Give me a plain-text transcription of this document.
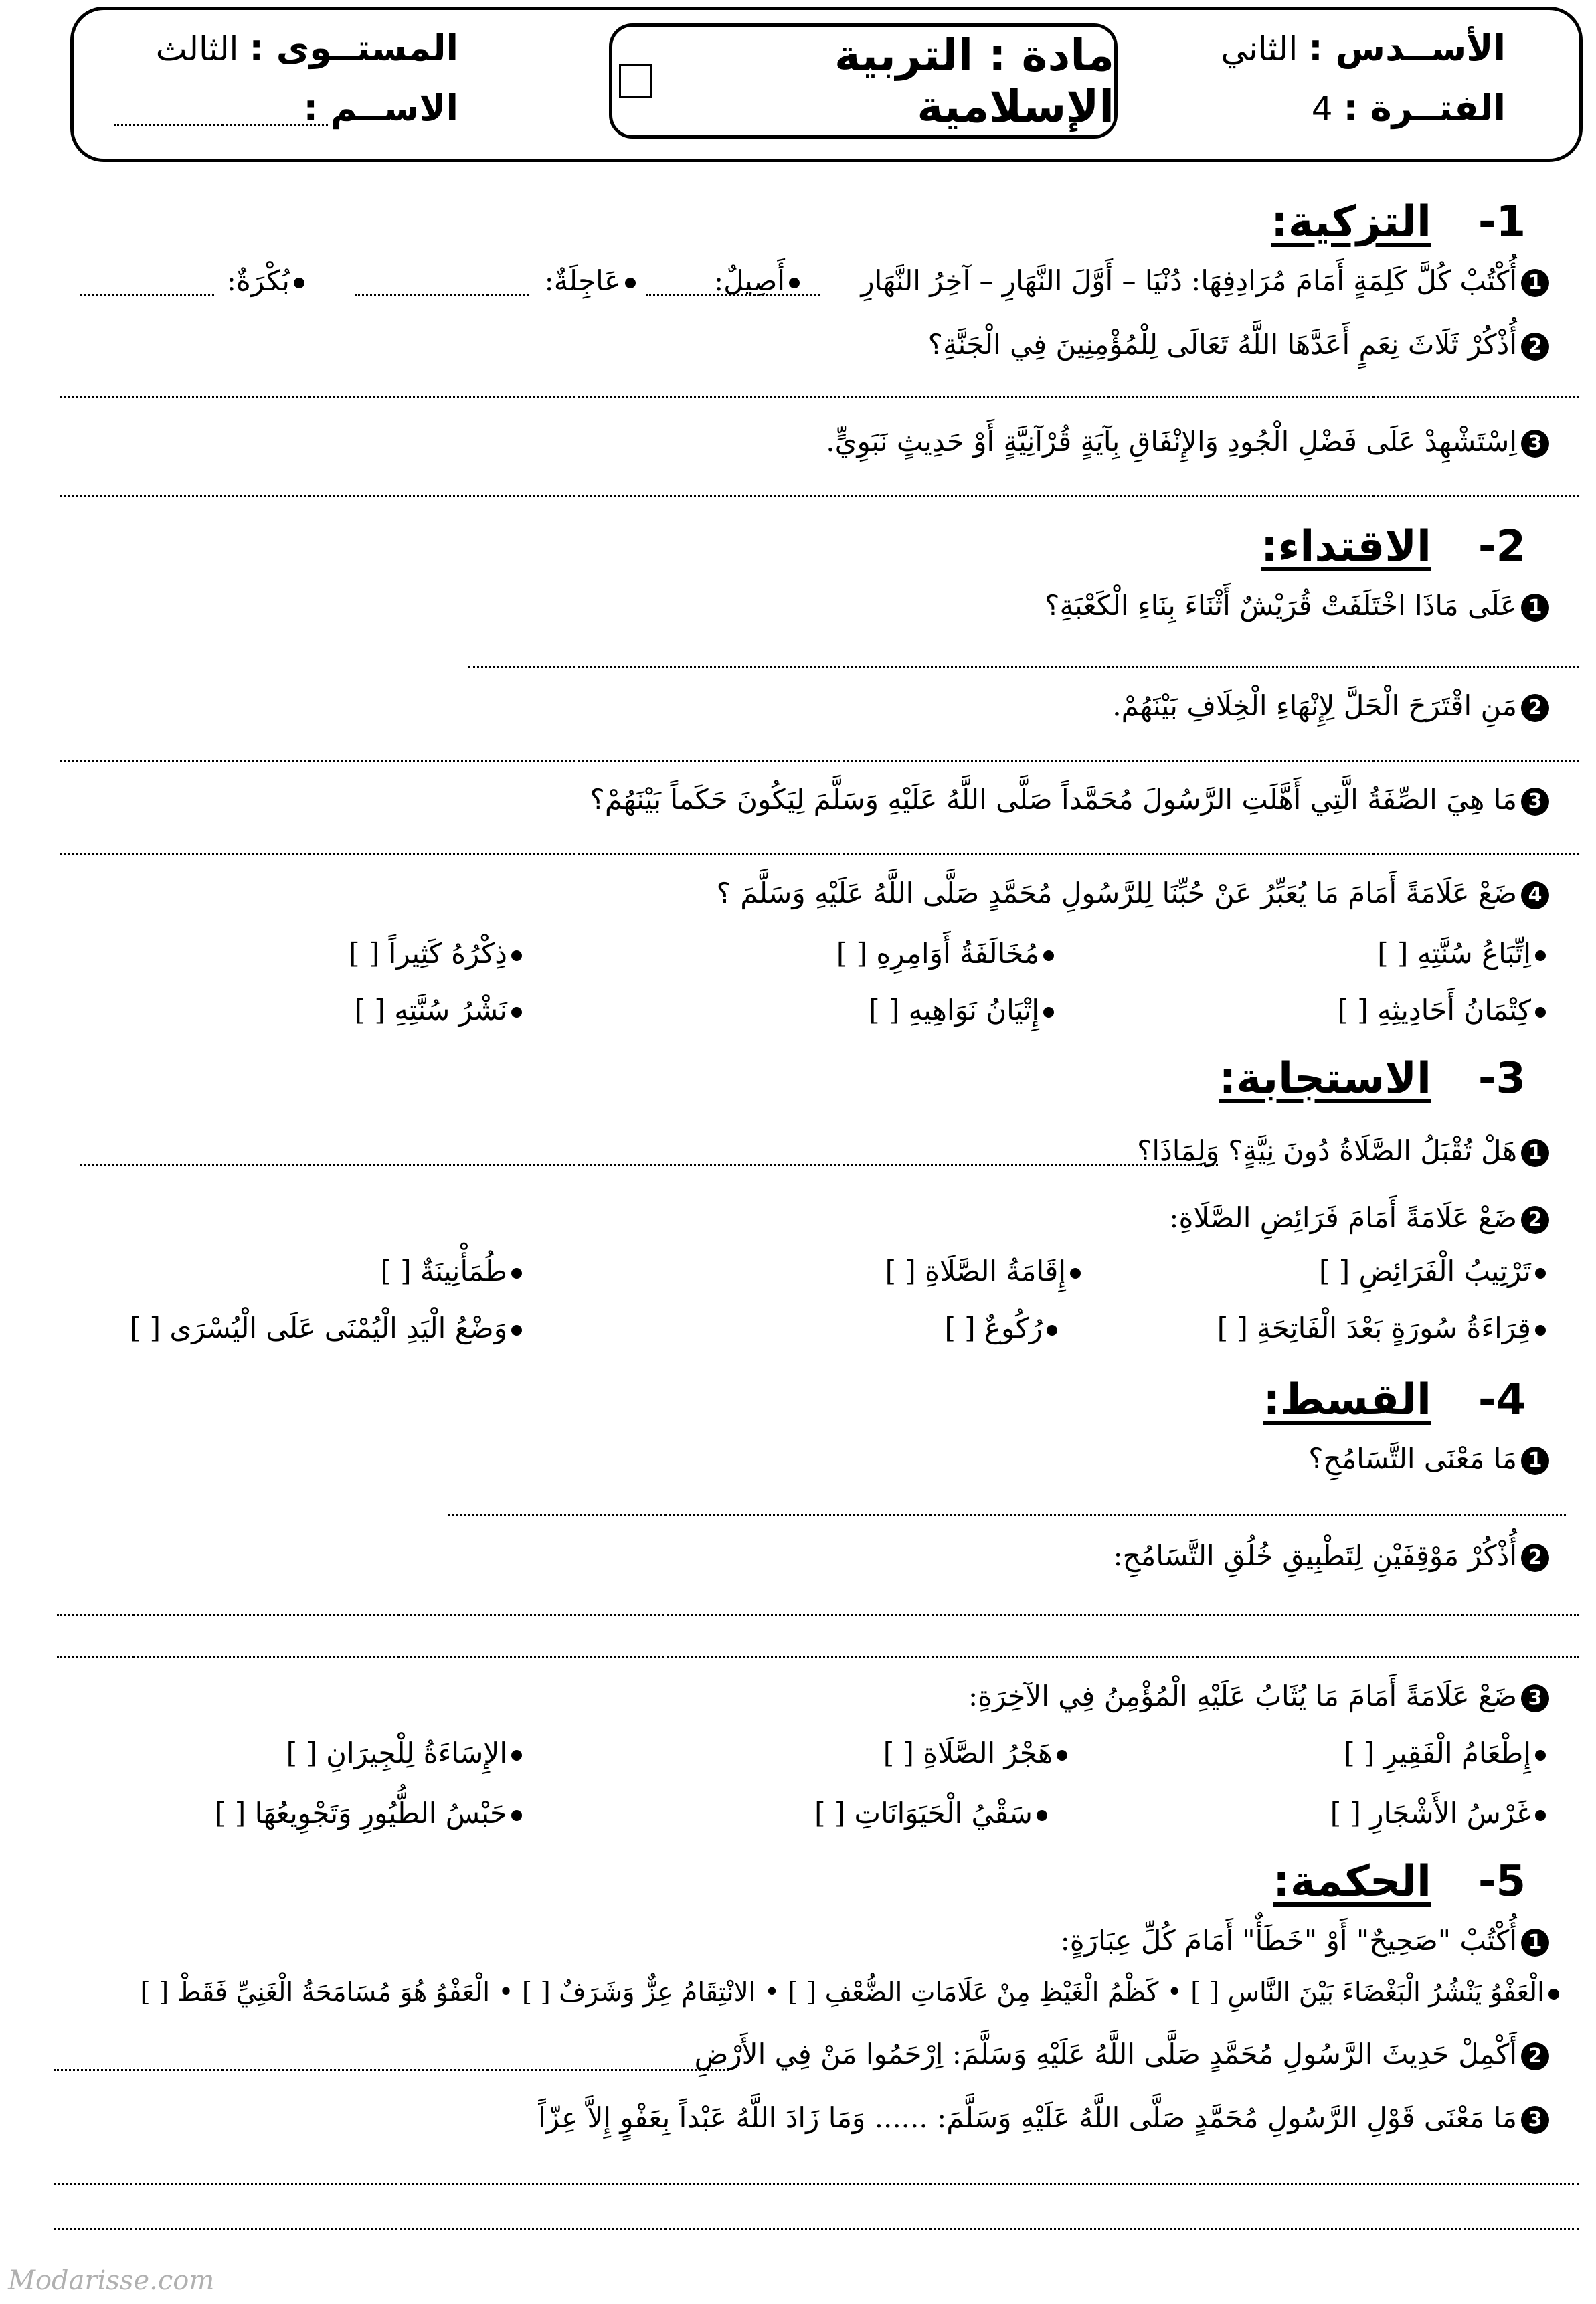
مادة : التربية الإسلامية
الأســدس : الثاني
الفتــرة : 4
المستــوى : الثالث
الاســم :
1-التزكية:
1أُكْتُبْ كُلَّ كَلِمَةٍ أَمَامَ مُرَادِفِهَا: دُنْيَا – أَوَّلَ النَّهَارِ – آخِرُ النَّهَارِ
أَصِيلٌ:
عَاجِلَةٌ:
بُكْرَةٌ:
2أُذْكُرْ ثَلَاثَ نِعَمٍ أَعَدَّهَا اللَّهُ تَعَالَى لِلْمُؤْمِنِينَ فِي الْجَنَّةِ؟
3اِسْتَشْهِدْ عَلَى فَضْلِ الْجُودِ وَالإِنْفَاقِ بِآيَةٍ قُرْآنِيَّةٍ أَوْ حَدِيثٍ نَبَوِيٍّ.
2-الاقتداء:
1عَلَى مَاذَا اخْتَلَفَتْ قُرَيْشٌ أَثْنَاءَ بِنَاءِ الْكَعْبَةِ؟
2مَنِ اقْتَرَحَ الْحَلَّ لِإِنْهَاءِ الْخِلَافِ بَيْنَهُمْ.
3مَا هِيَ الصِّفَةُ الَّتِي أَهَّلَتِ الرَّسُولَ مُحَمَّداً صَلَّى اللَّهُ عَلَيْهِ وَسَلَّمَ لِيَكُونَ حَكَماً بَيْنَهُمْ؟
4ضَعْ عَلَامَةً أَمَامَ مَا يُعَبِّرُ عَنْ حُبِّنَا لِلرَّسُولِ مُحَمَّدٍ صَلَّى اللَّهُ عَلَيْهِ وَسَلَّمَ ؟
اِتِّبَاعُ سُنَّتِهِ [ ]
مُخَالَفَةُ أَوَامِرِهِ [ ]
ذِكْرُهُ كَثِيراً [ ]
كِتْمَانُ أَحَادِيثِهِ [ ]
إِتْيَانُ نَوَاهِيهِ [ ]
نَشْرُ سُنَّتِهِ [ ]
3-الاستجابة:
1هَلْ تُقْبَلُ الصَّلَاةُ دُونَ نِيَّةٍ؟ وَلِمَاذَا؟
2ضَعْ عَلَامَةً أَمَامَ فَرَائِضِ الصَّلَاةِ:
تَرْتِيبُ الْفَرَائِضِ [ ]
إِقَامَةُ الصَّلَاةِ [ ]
طُمَأْنِينَةٌ [ ]
قِرَاءَةُ سُورَةٍ بَعْدَ الْفَاتِحَةِ [ ]
رُكُوعٌ [ ]
وَضْعُ الْيَدِ الْيُمْنَى عَلَى الْيُسْرَى [ ]
4-القسط:
1مَا مَعْنَى التَّسَامُحِ؟
2أُذْكُرْ مَوْقِفَيْنِ لِتَطْبِيقِ خُلُقِ التَّسَامُحِ:
3ضَعْ عَلَامَةً أَمَامَ مَا يُثَابُ عَلَيْهِ الْمُؤْمِنُ فِي الآخِرَةِ:
إِطْعَامُ الْفَقِيرِ [ ]
هَجْرُ الصَّلَاةِ [ ]
الإِسَاءَةُ لِلْجِيرَانِ [ ]
غَرْسُ الأَشْجَارِ [ ]
سَقْيُ الْحَيَوَانَاتِ [ ]
حَبْسُ الطُّيُورِ وَتَجْوِيعُهَا [ ]
5-الحكمة:
1أُكْتُبْ "صَحِيحٌ" أَوْ "خَطَأٌ" أَمَامَ كُلِّ عِبَارَةٍ:
الْعَفْوُ يَنْشُرُ الْبَغْضَاءَ بَيْنَ النَّاسِ [ ] • كَظْمُ الْغَيْظِ مِنْ عَلَامَاتِ الضُّعْفِ [ ] • الانْتِقَامُ عِزٌّ وَشَرَفٌ [ ] • الْعَفْوُ هُوَ مُسَامَحَةُ الْغَنِيِّ فَقَطْ [ ]
2أَكْمِلْ حَدِيثَ الرَّسُولِ مُحَمَّدٍ صَلَّى اللَّهُ عَلَيْهِ وَسَلَّمَ: اِرْحَمُوا مَنْ فِي الأَرْضِ
3مَا مَعْنَى قَوْلِ الرَّسُولِ مُحَمَّدٍ صَلَّى اللَّهُ عَلَيْهِ وَسَلَّمَ: ...... وَمَا زَادَ اللَّهُ عَبْداً بِعَفْوٍ إِلاَّ عِزّاً
Modarisse.com
